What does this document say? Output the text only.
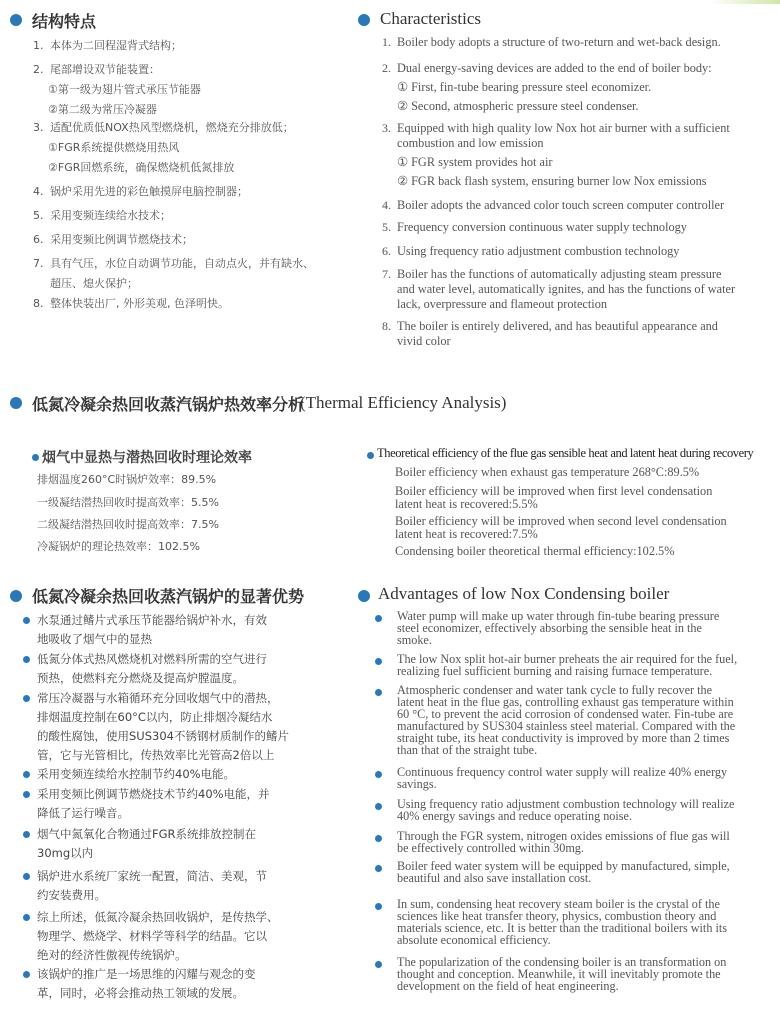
结构特点	Characteristics
1. 本体为二回程湿背式结构；
2. 尾部增设双节能装置：
①第一级为翅片管式承压节能器
②第二级为常压冷凝器
3. 适配优质低NOX热风型燃烧机，燃烧充分排放低；
①FGR系统提供燃烧用热风
②FGR回燃系统，确保燃烧机低氮排放
4. 锅炉采用先进的彩色触摸屏电脑控制器；
5. 采用变频连续给水技术；
6. 采用变频比例调节燃烧技术；
7. 具有气压，水位自动调节功能，自动点火，并有缺水、
超压、熄火保护；
8. 整体快装出厂, 外形美观, 色泽明快。
1. Boiler body adopts a structure of two-return and wet-back design.
2. Dual energy-saving devices are added to the end of boiler body:
① First, fin-tube bearing pressure steel economizer.
② Second, atmospheric pressure steel condenser.
3. Equipped with high quality low Nox hot air burner with a sufficient
combustion and low emission
① FGR system provides hot air
② FGR back flash system, ensuring burner low Nox emissions
4. Boiler adopts the advanced color touch screen computer controller
5. Frequency conversion continuous water supply technology
6. Using frequency ratio adjustment combustion technology
7. Boiler has the functions of automatically adjusting steam pressure
and water level, automatically ignites, and has the functions of water
lack, overpressure and flameout protection
8. The boiler is entirely delivered, and has beautiful appearance and
vivid color
低氮冷凝余热回收蒸汽锅炉热效率分析
(Thermal Efficiency Analysis)
烟气中显热与潜热回收时理论效率	Theoretical efficiency of the flue gas sensible heat and latent heat during recovery
排烟温度260°C时锅炉效率：89.5%
一级凝结潜热回收时提高效率：5.5%
二级凝结潜热回收时提高效率：7.5%
冷凝锅炉的理论热效率：102.5%
Boiler efficiency when exhaust gas temperature 268°C:89.5%
Boiler efficiency will be improved when first level condensation
latent heat is recovered:5.5%
Boiler efficiency will be improved when second level condensation
latent heat is recovered:7.5%
Condensing boiler theoretical thermal efficiency:102.5%
低氮冷凝余热回收蒸汽锅炉的显著优势	Advantages of low Nox Condensing boiler
水泵通过鳍片式承压节能器给锅炉补水，有效
地吸收了烟气中的显热
低氮分体式热风燃烧机对燃料所需的空气进行
预热，使燃料充分燃烧及提高炉膛温度。
常压冷凝器与水箱循环充分回收烟气中的潜热，
排烟温度控制在60°C以内，防止排烟冷凝结水
的酸性腐蚀，使用SUS304不锈钢材质制作的鳍片
管，它与光管相比，传热效率比光管高2倍以上
采用变频连续给水控制节约40%电能。
采用变频比例调节燃烧技术节约40%电能，并
降低了运行噪音。
烟气中氮氧化合物通过FGR系统排放控制在
30mg以内
锅炉进水系统厂家统一配置，简洁、美观，节
约安装费用。
综上所述，低氮冷凝余热回收锅炉，是传热学、
物理学、燃烧学、材料学等科学的结晶。它以
绝对的经济性傲视传统锅炉。
该锅炉的推广是一场思维的闪耀与观念的变
革，同时，必将会推动热工领域的发展。
Water pump will make up water through fin-tube bearing pressure
steel economizer, effectively absorbing the sensible heat in the
smoke.
The low Nox split hot-air burner preheats the air required for the fuel,
realizing fuel sufficient burning and raising furnace temperature.
Atmospheric condenser and water tank cycle to fully recover the
latent heat in the flue gas, controlling exhaust gas temperature within
60 °C, to prevent the acid corrosion of condensed water. Fin-tube are
manufactured by SUS304 stainless steel material. Compared with the
straight tube, its heat conductivity is improved by more than 2 times
than that of the straight tube.
Continuous frequency control water supply will realize 40% energy
savings.
Using frequency ratio adjustment combustion technology will realize
40% energy savings and reduce operating noise.
Through the FGR system, nitrogen oxides emissions of flue gas will
be effectively controlled within 30mg.
Boiler feed water system will be equipped by manufactured, simple,
beautiful and also save installation cost.
In sum, condensing heat recovery steam boiler is the crystal of the
sciences like heat transfer theory, physics, combustion theory and
materials science, etc. It is better than the traditional boilers with its
absolute economical efficiency.
The popularization of the condensing boiler is an transformation on
thought and conception. Meanwhile, it will inevitably promote the
development on the field of heat engineering.
